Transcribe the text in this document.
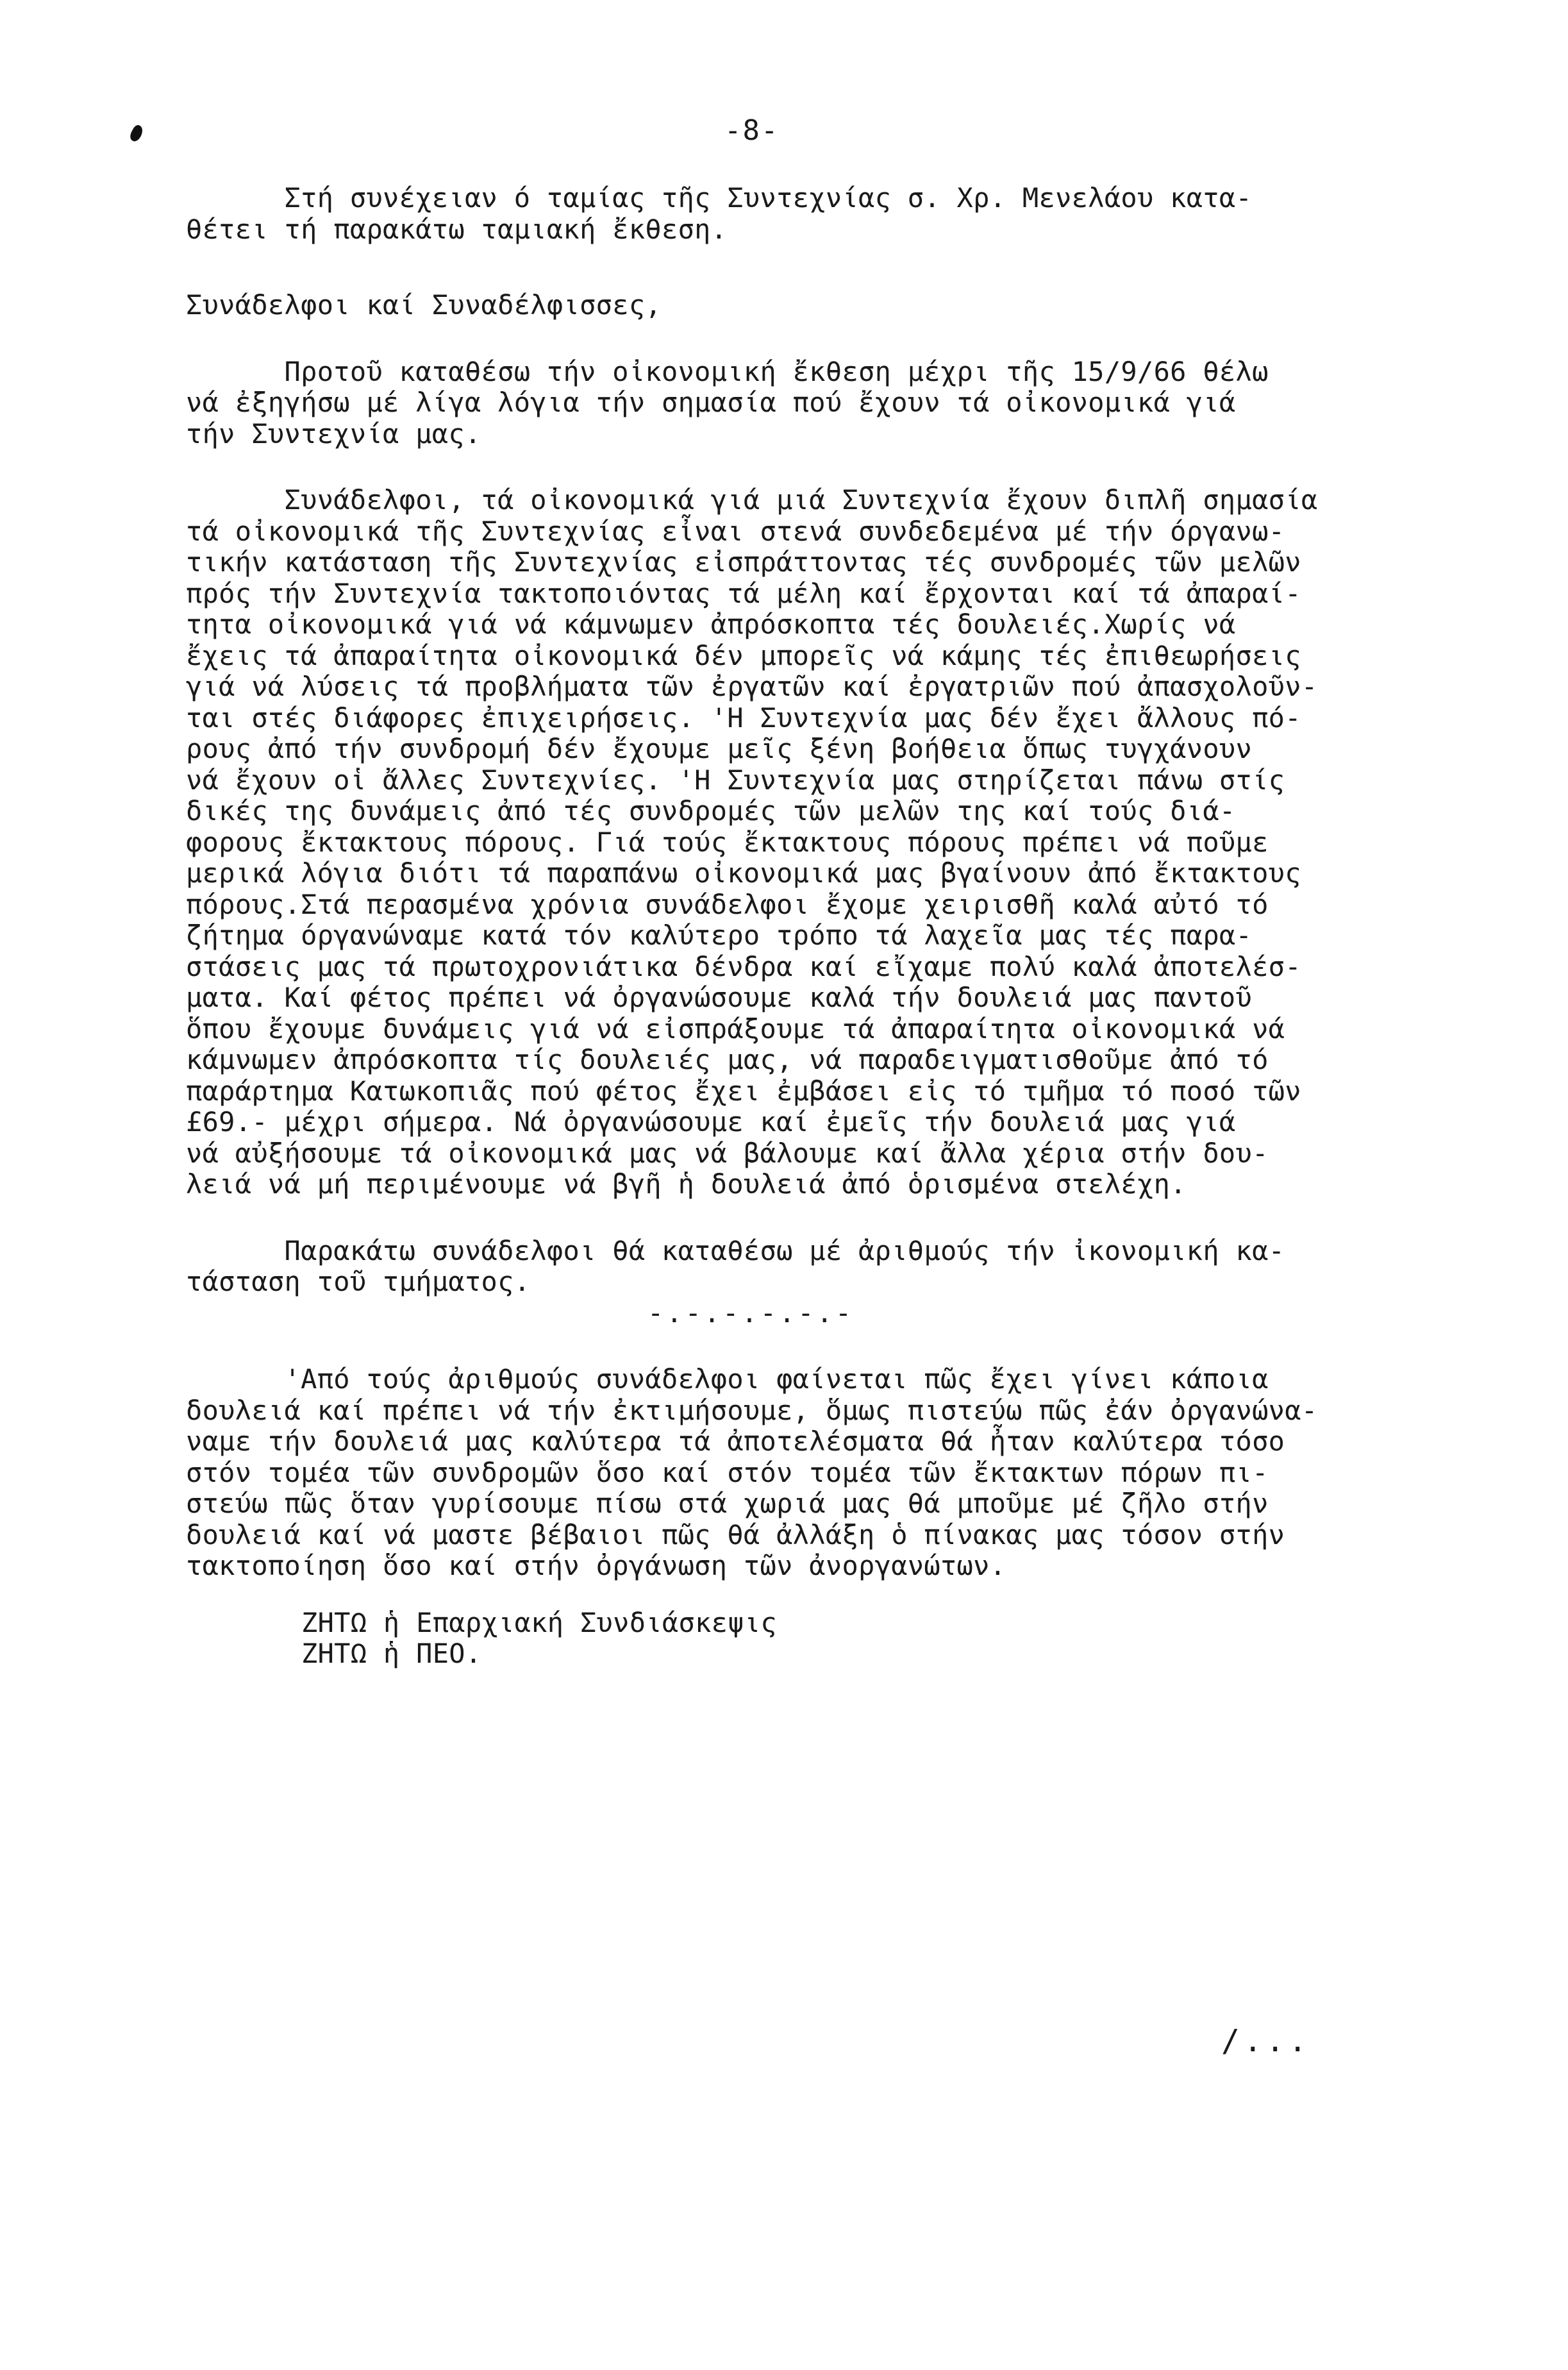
-8-
Στή συνέχειαν ό ταμίας τῆς Συντεχνίας σ. Χρ. Μενελάου κατα-
θέτει τή παρακάτω ταμιακή ἔκθεση.
Συνάδελφοι καί Συναδέλφισσες,
Προτοῦ καταθέσω τήν οἰκονομική ἔκθεση μέχρι τῆς 15/9/66 θέλω
νά ἐξηγήσω μέ λίγα λόγια τήν σημασία πού ἔχουν τά οἰκονομικά γιά
τήν Συντεχνία μας.
Συνάδελφοι, τά οἰκονομικά γιά μιά Συντεχνία ἔχουν διπλῆ σημασία
τά οἰκονομικά τῆς Συντεχνίας εἶναι στενά συνδεδεμένα μέ τήν όργανω-
τικήν κατάσταση τῆς Συντεχνίας εἰσπράττοντας τές συνδρομές τῶν μελῶν
πρός τήν Συντεχνία τακτοποιόντας τά μέλη καί ἔρχονται καί τά ἀπαραί-
τητα οἰκονομικά γιά νά κάμνωμεν ἀπρόσκοπτα τές δουλειές.Χωρίς νά
ἔχεις τά ἀπαραίτητα οἰκονομικά δέν μπορεῖς νά κάμης τές ἐπιθεωρήσεις
γιά νά λύσεις τά προβλήματα τῶν ἐργατῶν καί ἐργατριῶν πού ἀπασχολοῦν-
ται στές διάφορες ἐπιχειρήσεις. 'Η Συντεχνία μας δέν ἔχει ἄλλους πό-
ρους ἀπό τήν συνδρομή δέν ἔχουμε μεῖς ξένη βοήθεια ὅπως τυγχάνουν
νά ἔχουν οἱ ἄλλες Συντεχνίες. 'Η Συντεχνία μας στηρίζεται πάνω στίς
δικές της δυνάμεις ἀπό τές συνδρομές τῶν μελῶν της καί τούς διά-
φορους ἔκτακτους πόρους. Γιά τούς ἔκτακτους πόρους πρέπει νά ποῦμε
μερικά λόγια διότι τά παραπάνω οἰκονομικά μας βγαίνουν ἀπό ἔκτακτους
πόρους.Στά περασμένα χρόνια συνάδελφοι ἔχομε χειρισθῆ καλά αὐτό τό
ζήτημα όργανώναμε κατά τόν καλύτερο τρόπο τά λαχεῖα μας τές παρα-
στάσεις μας τά πρωτοχρονιάτικα δένδρα καί εἴχαμε πολύ καλά ἀποτελέσ-
ματα. Καί φέτος πρέπει νά ὀργανώσουμε καλά τήν δουλειά μας παντοῦ
ὅπου ἔχουμε δυνάμεις γιά νά εἰσπράξουμε τά ἀπαραίτητα οἰκονομικά νά
κάμνωμεν ἀπρόσκοπτα τίς δουλειές μας, νά παραδειγματισθοῦμε ἀπό τό
παράρτημα Κατωκοπιᾶς πού φέτος ἔχει ἐμβάσει εἰς τό τμῆμα τό ποσό τῶν
£69.- μέχρι σήμερα. Νά ὀργανώσουμε καί ἐμεῖς τήν δουλειά μας γιά
νά αὐξήσουμε τά οἰκονομικά μας νά βάλουμε καί ἄλλα χέρια στήν δου-
λειά νά μή περιμένουμε νά βγῆ ἡ δουλειά ἀπό ὁρισμένα στελέχη.
Παρακάτω συνάδελφοι θά καταθέσω μέ ἀριθμούς τήν ἰκονομική κα-
τάσταση τοῦ τμήματος.
-.-.-.-.-.-
'Από τούς ἀριθμούς συνάδελφοι φαίνεται πῶς ἔχει γίνει κάποια
δουλειά καί πρέπει νά τήν ἐκτιμήσουμε, ὅμως πιστεύω πῶς ἐάν ὀργανώνα-
ναμε τήν δουλειά μας καλύτερα τά ἀποτελέσματα θά ἦταν καλύτερα τόσο
στόν τομέα τῶν συνδρομῶν ὅσο καί στόν τομέα τῶν ἔκτακτων πόρων πι-
στεύω πῶς ὅταν γυρίσουμε πίσω στά χωριά μας θά μποῦμε μέ ζῆλο στήν
δουλειά καί νά μαστε βέβαιοι πῶς θά ἀλλάξη ὁ πίνακας μας τόσον στήν
τακτοποίηση ὅσο καί στήν ὀργάνωση τῶν ἀνοργανώτων.
ΖΗΤΩ ἡ Επαρχιακή Συνδιάσκεψις
ΖΗΤΩ ἡ ΠΕΟ.
/...
